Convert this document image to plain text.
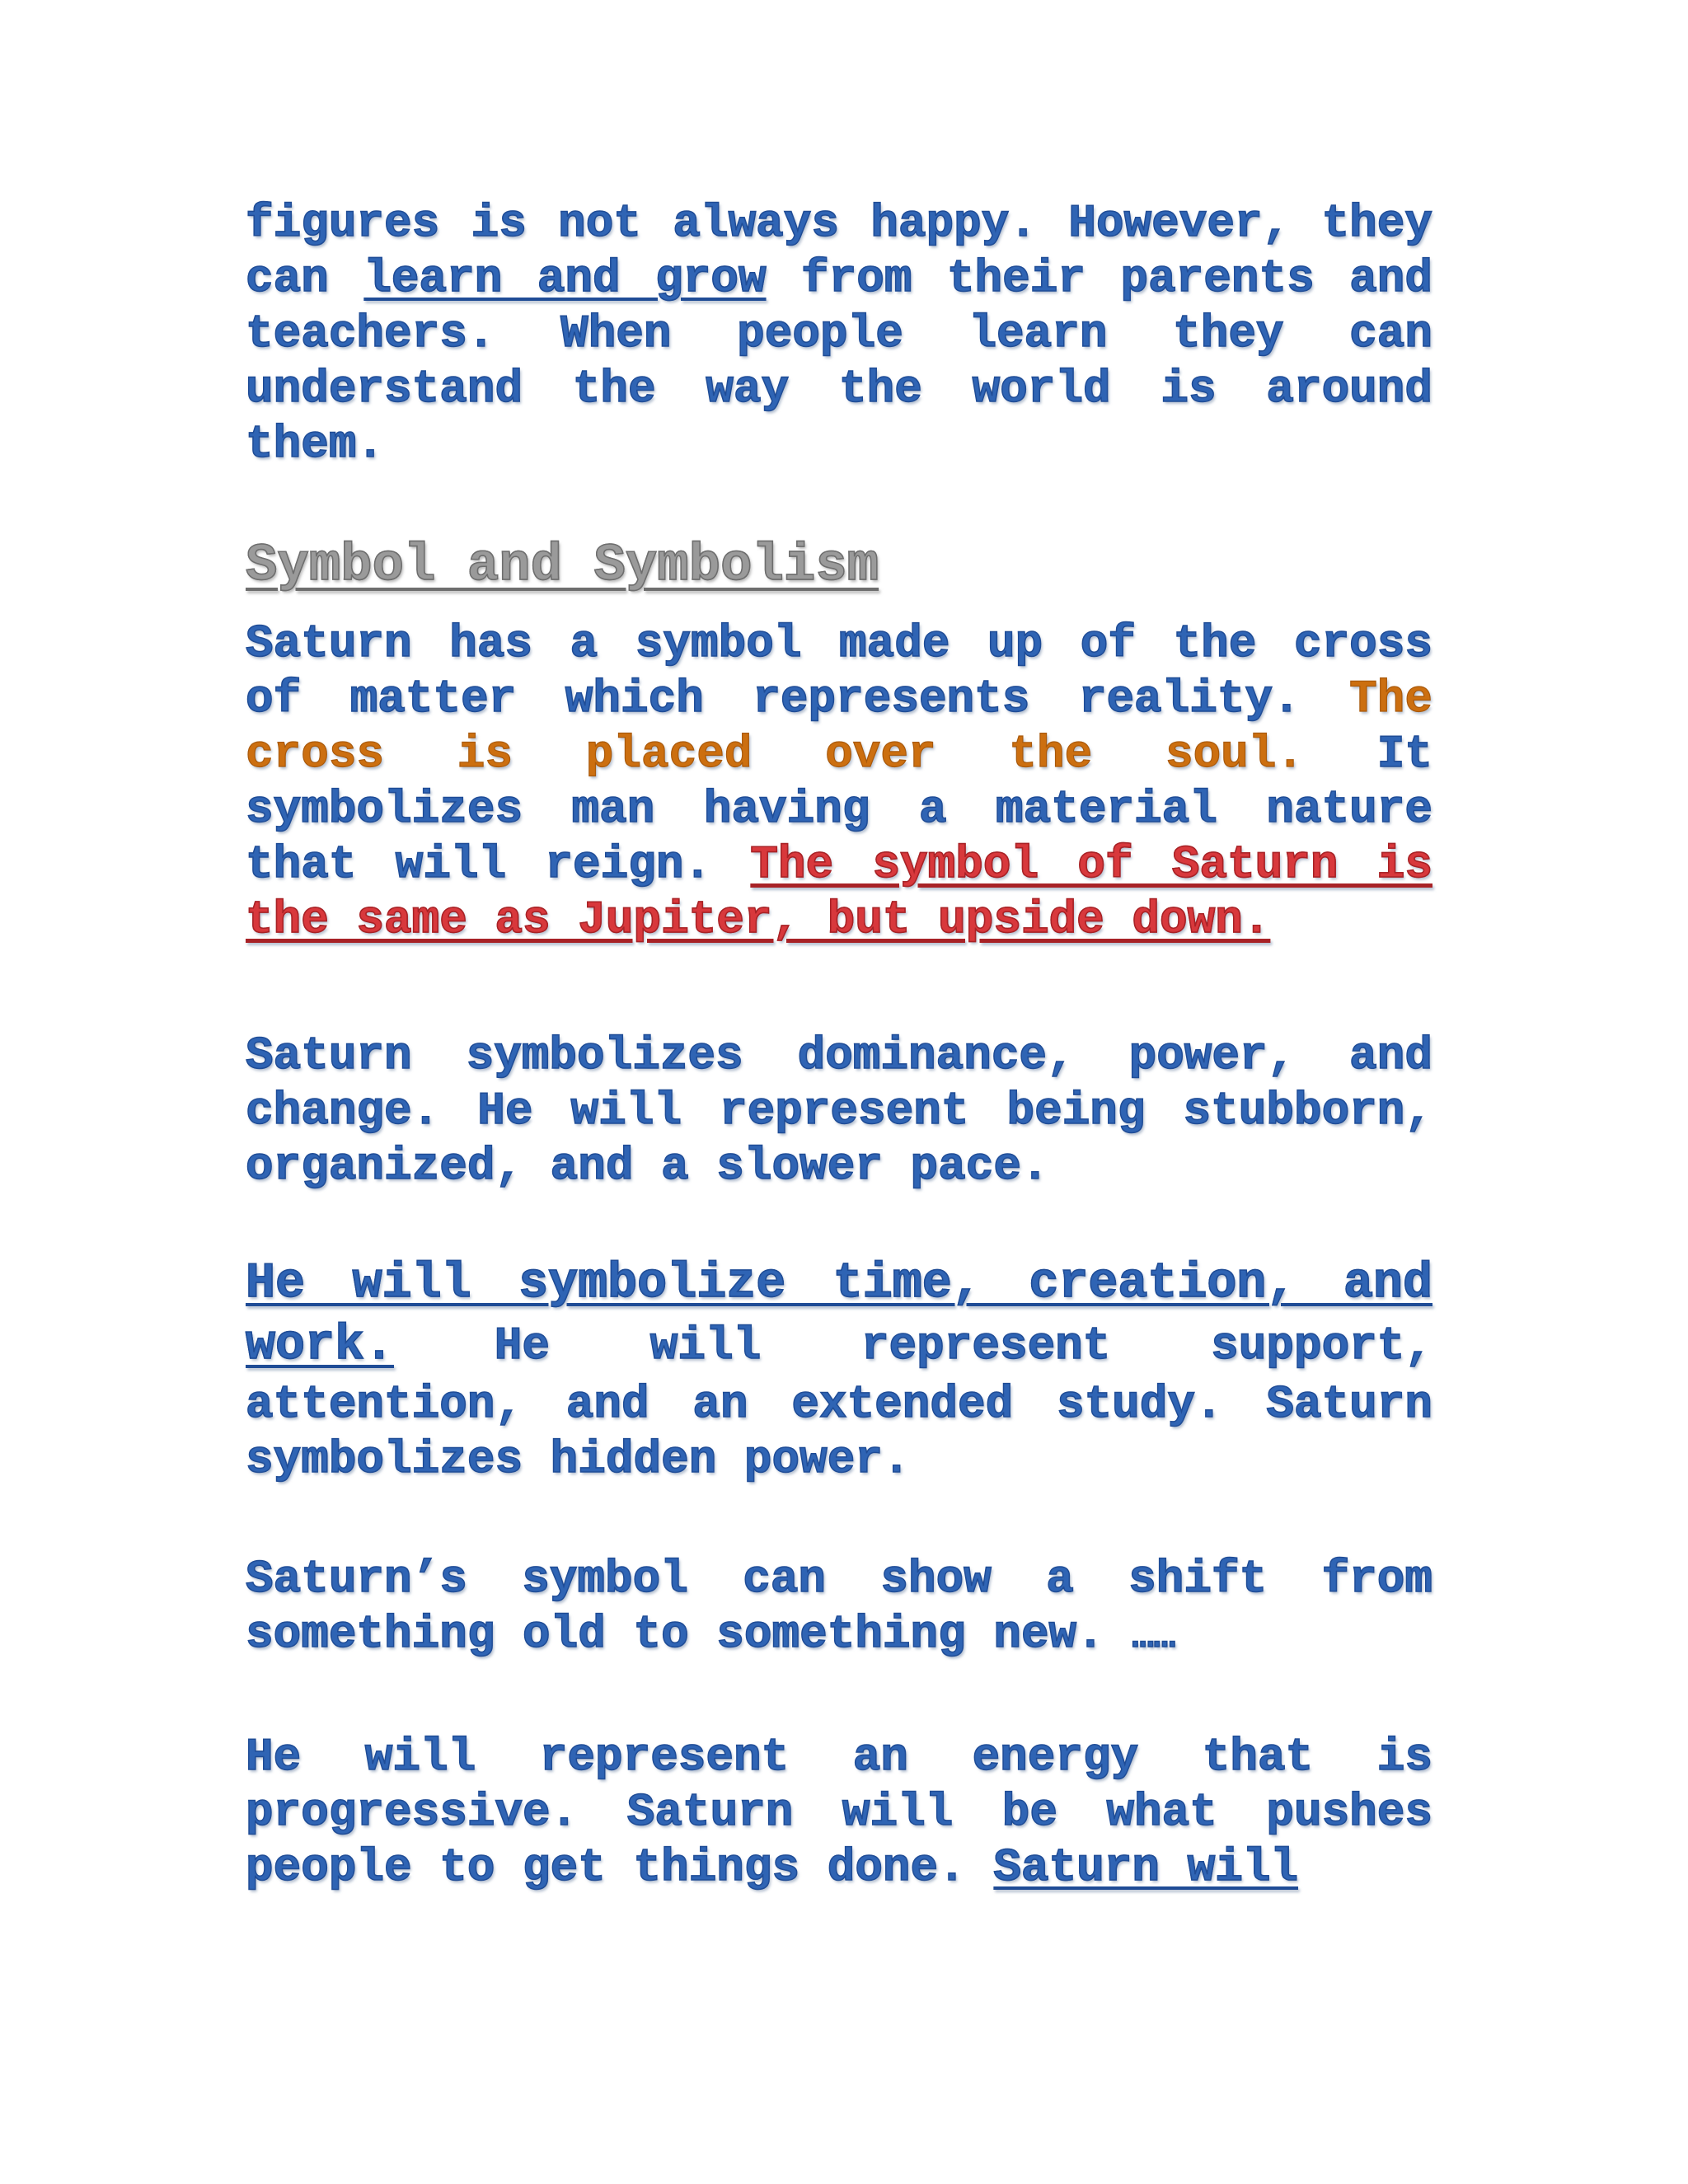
figures is not always happy. However, they can learn and grow from their parents and teachers. When people learn they can understand the way the world is around them.

Symbol and Symbolism

Saturn has a symbol made up of the cross of matter which represents reality. The cross is placed over the soul. It symbolizes man having a material nature that will reign. The symbol of Saturn is the same as Jupiter, but upside down.

Saturn symbolizes dominance, power, and change. He will represent being stubborn, organized, and a slower pace.

He will symbolize time, creation, and work. He will represent support, attention, and an extended study. Saturn symbolizes hidden power.

Saturn’s symbol can show a shift from something old to something new. ……

He will represent an energy that is progressive. Saturn will be what pushes people to get things done. Saturn will
